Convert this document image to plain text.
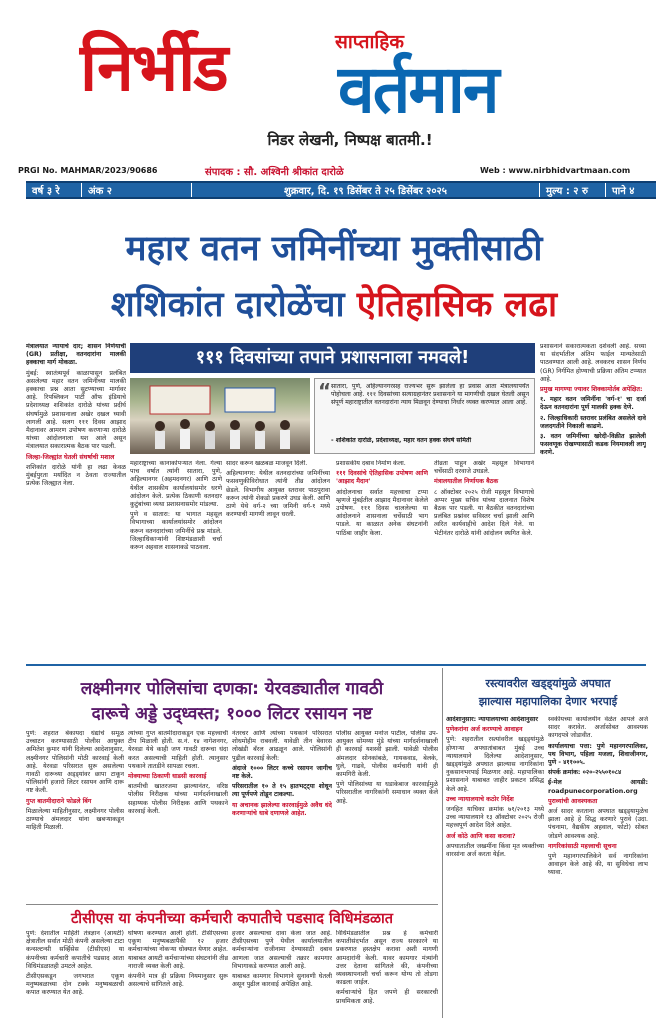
निर्भीड वर्तमान
साप्ताहिक
निडर लेखनी, निष्पक्ष बातमी.!
PRGI No. MAHMAR/2023/90686	संपादक : सौ. अश्विनी श्रीकांत दारोळे	Web : www.nirbhidvartmaan.com
वर्ष ३ रे	अंक २	शुक्रवार, दि. १९ डिसेंबर ते २५ डिसेंबर २०२५	मुल्य : २ रु	पाने ४
महार वतन जमिनींच्या मुक्तीसाठी
शशिकांत दारोळेंचा ऐतिहासिक लढा

मंत्रालयात न्यायाचे दार; शासन निर्णयाची (GR) प्रतीक्षा, वतनदारांना मालकी हक्काचा मार्ग मोकळा.

मुंबई: स्वातंत्र्यपूर्व काळापासून प्रलंबित असलेल्या महार वतन जमिनींच्या मालकी हक्काचा प्रश्न आता सुटण्याच्या मार्गावर आहे. रिपब्लिकन पार्टी ऑफ इंडियाचे प्रदेशाध्यक्ष शशिकांत दारोळे यांच्या प्रदीर्घ संघर्षामुळे प्रशासनाला अखेर दखल घ्यावी लागली आहे. सलग १११ दिवस आझाद मैदानावर आमरण उपोषण करणाऱ्या दारोळे यांच्या आंदोलनाला यश आले असून मंत्रालयात सकारात्मक बैठक पार पडली.

जिल्हा-जिल्ह्यांत घेतली संघर्षाची मशाल

शशिकांत दारोळे यांनी हा लढा केवळ मुंबईपुरता मर्यादित न ठेवता राज्यातील प्रत्येक जिल्ह्यात नेला.

१११ दिवसांच्या तपाने प्रशासनाला नमवले!
“ सातारा, पुणे, अहिल्यानगरसह राज्यभर सुरू झालेला हा प्रवास आता मंत्रालयापर्यंत पोहोचला आहे. १११ दिवसांच्या सत्याग्रहानंतर प्रशासनाने या मागणीची दखल घेतली असून संपूर्ण महाराष्ट्रातील वतनदारांना न्याय मिळवून देण्याचा निर्धार व्यक्त करण्यात आला आहे.
- शशिकांत दारोळे, प्रदेशाध्यक्ष, महार वतन हक्क संघर्ष समिती

महाराष्ट्राच्या कानाकोपऱ्यात नेला. गेल्या पाच वर्षात त्यांनी सातारा, पुणे, अहिल्यानगर (अहमदनगर) आणि ठाणे येथील शासकीय कार्यालयांसमोर धरणे आंदोलन केले. प्रत्येक ठिकाणी वतनदार कुटुंबांच्या व्यथा प्रशासनासमोर मांडल्या.

पुणे व सातारा: या भागात महसूल विभागाच्या कार्यालयांसमोर आंदोलन करून वतनदारांच्या जमिनींचे प्रश्न मांडले. जिल्हाधिकाऱ्यांनी शिष्टमंडळाशी चर्चा करून अहवाल शासनाकडे पाठवला.

सादर करून खळबळ माजवून दिली.

अहिल्यानगर: येथील वतनदारांच्या जमिनींच्या फसवणुकीविरोधात त्यांनी तीव्र आंदोलन छेडले. विभागीय आयुक्त स्तरावर पाठपुरावा करून त्यांनी शेकडो प्रकरणे उघड केली. आणि ठाणे येथे वर्ग-२ च्या जमिनी वर्ग-१ मध्ये करण्याची मागणी लावून धरली.

प्रशासकीय दबाव निर्माण केला.

१११ दिवसांचे ऐतिहासिक उपोषण आणि 'आझाद मैदान'

आंदोलनाचा सर्वात महत्त्वाचा टप्पा म्हणजे मुंबईतील आझाद मैदानावर केलेले उपोषण. १११ दिवस चाललेल्या या आंदोलनाने शासनाला चर्चेसाठी भाग पाडले. या काळात अनेक संघटनांनी पाठिंबा जाहीर केला.

तीव्रता पाहून अखेर महसूल विभागाने चर्चेसाठी दरवाजे उघडले.

मंत्रालयातील निर्णायक बैठक

८ ऑक्टोबर २०२५ रोजी महसूल विभागाचे अप्पर मुख्य सचिव यांच्या दालनात विशेष बैठक पार पडली. या बैठकीत वतनदारांच्या प्रलंबित प्रश्नांवर सविस्तर चर्चा झाली आणि त्वरित कार्यवाहीचे आदेश दिले गेले. या भेटीनंतर दारोळे यांनी आंदोलन स्थगित केले.

प्रशासनाने सकारात्मकता दर्शवली आहे. सध्या या संदर्भातील अंतिम फाईल मान्यतेसाठी पाठवण्यात आली आहे. लवकरच शासन निर्णय (GR) निर्गमित होण्याची प्रक्रिया अंतिम टप्प्यात आहे.

प्रमुख मागण्या ज्यावर शिक्कामोर्तब अपेक्षित:

१. महार वतन जमिनींना 'वर्ग-१' चा दर्जा देऊन वतनदारांना पूर्ण मालकी हक्क देणे.

२. जिल्हाधिकारी स्तरावर प्रलंबित असलेले दावे जलदगतीने निकाली काढणे.

३. वतन जमिनींच्या खरेदी-विक्रीत झालेली फसवणूक रोखण्यासाठी कडक नियमावली लागू करणे.

लक्ष्मीनगर पोलिसांचा दणका: येरवड्यातील गावठी
दारूचे अड्डे उद्ध्वस्त; १००० लिटर रसायन नष्ट

पुणे: शहरात बेकायदा धंद्यांचे समूळ उच्चाटन करण्यासाठी पोलीस आयुक्त अमितेश कुमार यांनी दिलेल्या आदेशानुसार, लक्ष्मीनगर पोलिसांनी मोठी कारवाई केली आहे. येरवडा परिसरात सुरू असलेल्या गावठी दारूच्या अड्ड्यांवर छापा टाकून पोलिसांनी हजारो लिटर रसायन आणि दारू नष्ट केली.

गुप्त बातमीदाराने फोडले बिंग

मिळालेल्या माहितीनुसार, लक्ष्मीनगर पोलीस ठाण्याचे अंमलदार यांना खबऱ्याकडून माहिती मिळाली.

त्यांच्या गुप्त बातमीदाराकडून एक महत्त्वाची टीप मिळाली होती. स.नं. १४ नागेशनगर, येरवडा येथे काही जण गावठी दारूचा धंदा करत असल्याची माहिती होती. त्यानुसार पथकाने तातडीने सापळा रचला.

मोक्याच्या ठिकाणी धाडसी कारवाई

बातमीची खातरजमा झाल्यानंतर, वरिष्ठ पोलीस निरीक्षक यांच्या मार्गदर्शनाखाली सहाय्यक पोलीस निरीक्षक आणि पथकाने कारवाई केली.

नंतरचर आणि त्यांच्या पथकाने परिसरात शोधमोहीम राबवली. यावेळी तीन बेवारस लोखंडी बॅरल आढळून आले. पोलिसांनी पुढील कारवाई केली:

अंदाजे १००० लिटर कच्चे रसायन जागीच नष्ट केले.

परिसरातील १० ते १५ हातभट्ट्या शोधून त्या पूर्णपणे तोडून टाकल्या.

या अचानक झालेल्या कारवाईमुळे अवैध धंदे करणाऱ्यांचे धाबे दणाणले आहेत.

पोलीस आयुक्त मनोज पाटील, पोलीस उप-आयुक्त सोमय्या मुंडे यांच्या मार्गदर्शनाखाली ही कारवाई यशस्वी झाली. यावेळी पोलीस अंमलदार सोनकांबळे, गायकवाड, बेलके, घुले, गाढवे, पोलीस कर्मचारी यांनी ही कामगिरी केली.

पुणे पोलिसांच्या या धडाकेबाज कारवाईमुळे परिसरातील नागरिकांनी समाधान व्यक्त केले आहे.

रस्त्यावरील खड्ड्यांमुळे अपघात
झाल्यास महापालिका देणार भरपाई

आदेशानुसार: न्यायालयाच्या आदेशानुसार

पुणेकरांना अर्ज करण्याचे आवाहन

पुणे: शहरातील रस्त्यांवरील खड्ड्यांमुळे होणाऱ्या अपघातांबाबत मुंबई उच्च न्यायालयाने दिलेल्या आदेशानुसार, खड्ड्यांमुळे अपघात झाल्यास नागरिकांना नुकसानभरपाई मिळणार आहे. महापालिका प्रशासनाने याबाबत जाहीर प्रकटन प्रसिद्ध केले आहे.

उच्च न्यायालयाचे कठोर निर्देश

जनहित याचिका क्रमांक ७१/२०१३ मध्ये उच्च न्यायालयाने १३ ऑक्टोबर २०२५ रोजी महत्त्वपूर्ण आदेश दिले आहेत.

अर्ज कोठे आणि कसा करावा?

अपघातातील जखमींना किंवा मृत व्यक्तीच्या वारसांना अर्ज करता येईल.

स्वकीयच्या कार्यालयीन वेळेत आपले अर्ज सादर करावेत. अर्जासोबत आवश्यक कागदपत्रे जोडावीत.

कार्यालयाचा पत्ता: पुणे महानगरपालिका, पथ विभाग, पहिला मजला, शिवाजीनगर, पुणे - ४११००५.

संपर्क क्रमांक: ०२०-२५५०१०८४

ई-मेल आयडी: roadpunecorporation.org

पुराव्यांची आवश्यकता

अर्ज सादर करताना अपघात खड्ड्यामुळेच झाला आहे हे सिद्ध करणारे पुरावे (उदा. पंचनामा, वैद्यकीय अहवाल, फोटो) सोबत जोडणे आवश्यक आहे.

नागरिकांसाठी महत्त्वाची सूचना

पुणे महानगरपालिकेने सर्व नागरिकांना आवाहन केले आहे की, या सुविधेचा लाभ घ्यावा.

टीसीएस या कंपनीच्या कर्मचारी कपातीचे पडसाद विधिमंडळात

पुणे: देशातील माहिती तंत्रज्ञान (आयटी) क्षेत्रातील सर्वात मोठी कंपनी असलेल्या टाटा कन्सल्टन्सी सर्व्हिसेस (टीसीएस) या कंपनीच्या कर्मचारी कपातीचे पडसाद आता विधिमंडळातही उमटले आहेत.

टीसीएसकडून जगभरात एकूण मनुष्यबळाच्या दोन टक्के मनुष्यबळाची कपात करण्यात येत आहे.

घोषणा करण्यात आली होती. टीसीएसच्या एकूण मनुष्यबळापैकी १२ हजार कर्मचाऱ्यांच्या नोकऱ्या धोक्यात येणार आहेत. याबाबत आयटी कर्मचाऱ्यांच्या संघटनांनी तीव्र नाराजी व्यक्त केली आहे.

कंपनीने मात्र ही प्रक्रिया नियमानुसार सुरू असल्याचे सांगितले आहे.

हजार असल्याचा दावा केला जात आहे. टीसीएसच्या पुणे येथील कार्यालयातील कर्मचाऱ्यांना राजीनामा देण्यासाठी दबाव आणला जात असल्याची तक्रार कामगार विभागाकडे करण्यात आली आहे.

याबाबत कामगार विभागाने सुनावणी घेतली असून पुढील कारवाई अपेक्षित आहे.

विधिमंडळातील प्रश्न हे कर्मचारी कपातीसंदर्भात असून राज्य सरकारने या प्रकरणात हस्तक्षेप करावा अशी मागणी आमदारांनी केली. यावर कामगार मंत्र्यांनी उत्तर देताना सांगितले की, कंपनीच्या व्यवस्थापनाशी चर्चा करून योग्य तो तोडगा काढला जाईल.

कर्मचाऱ्यांचे हित जपणे ही सरकारची प्राथमिकता आहे.
